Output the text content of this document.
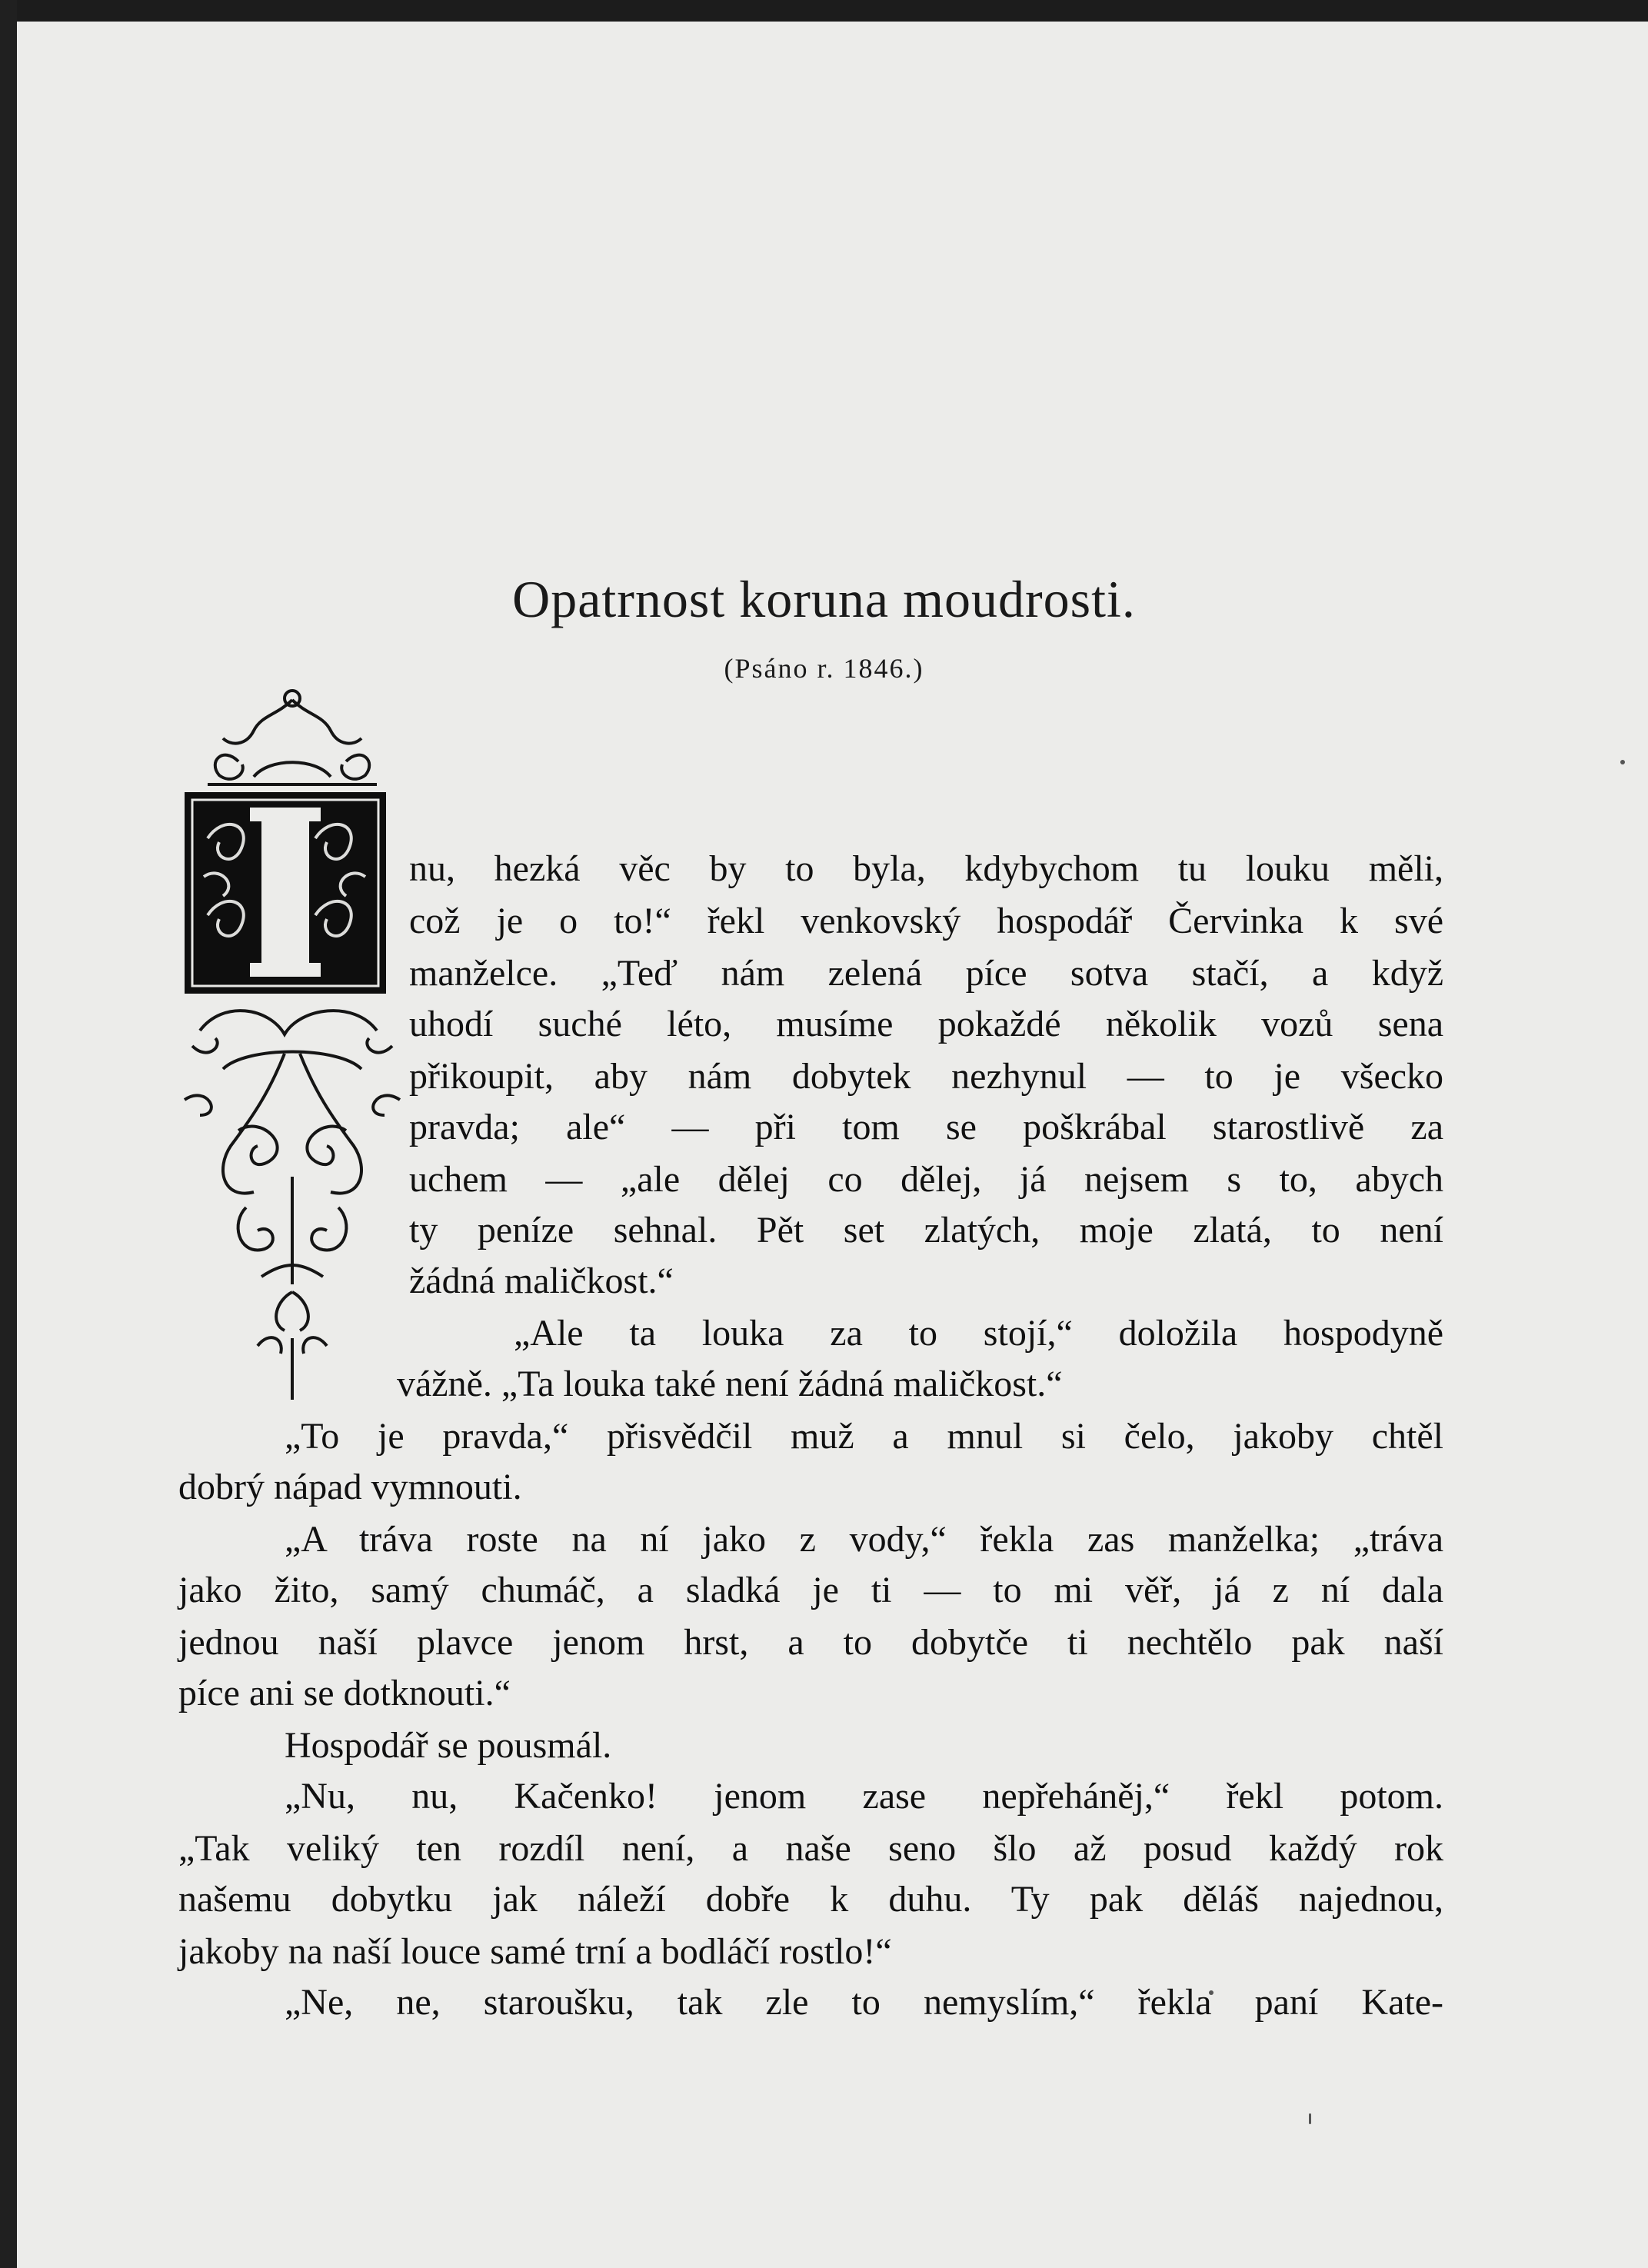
Opatrnost koruna moudrosti.
(Psáno r. 1846.)
nu, hezká věc by to byla, kdybychom tu louku měli,
což je o to!“ řekl venkovský hospodář Červinka k své
manželce. „Teď nám zelená píce sotva stačí, a když
uhodí suché léto, musíme pokaždé několik vozů sena
přikoupit, aby nám dobytek nezhynul — to je všecko
pravda; ale“ — při tom se poškrábal starostlivě za
uchem — „ale dělej co dělej, já nejsem s to, abych
ty peníze sehnal. Pět set zlatých, moje zlatá, to není
žádná maličkost.“
„Ale ta louka za to stojí,“ doložila hospodyně
vážně. „Ta louka také není žádná maličkost.“
„To je pravda,“ přisvědčil muž a mnul si čelo, jakoby chtěl
dobrý nápad vymnouti.
„A tráva roste na ní jako z vody,“ řekla zas manželka; „tráva
jako žito, samý chumáč, a sladká je ti — to mi věř, já z ní dala
jednou naší plavce jenom hrst, a to dobytče ti nechtělo pak naší
píce ani se dotknouti.“
Hospodář se pousmál.
„Nu, nu, Kačenko! jenom zase nepřeháněj,“ řekl potom.
„Tak veliký ten rozdíl není, a naše seno šlo až posud každý rok
našemu dobytku jak náleží dobře k duhu. Ty pak děláš najednou,
jakoby na naší louce samé trní a bodláčí rostlo!“
„Ne, ne, staroušku, tak zle to nemyslím,“ řekla paní Kate-
